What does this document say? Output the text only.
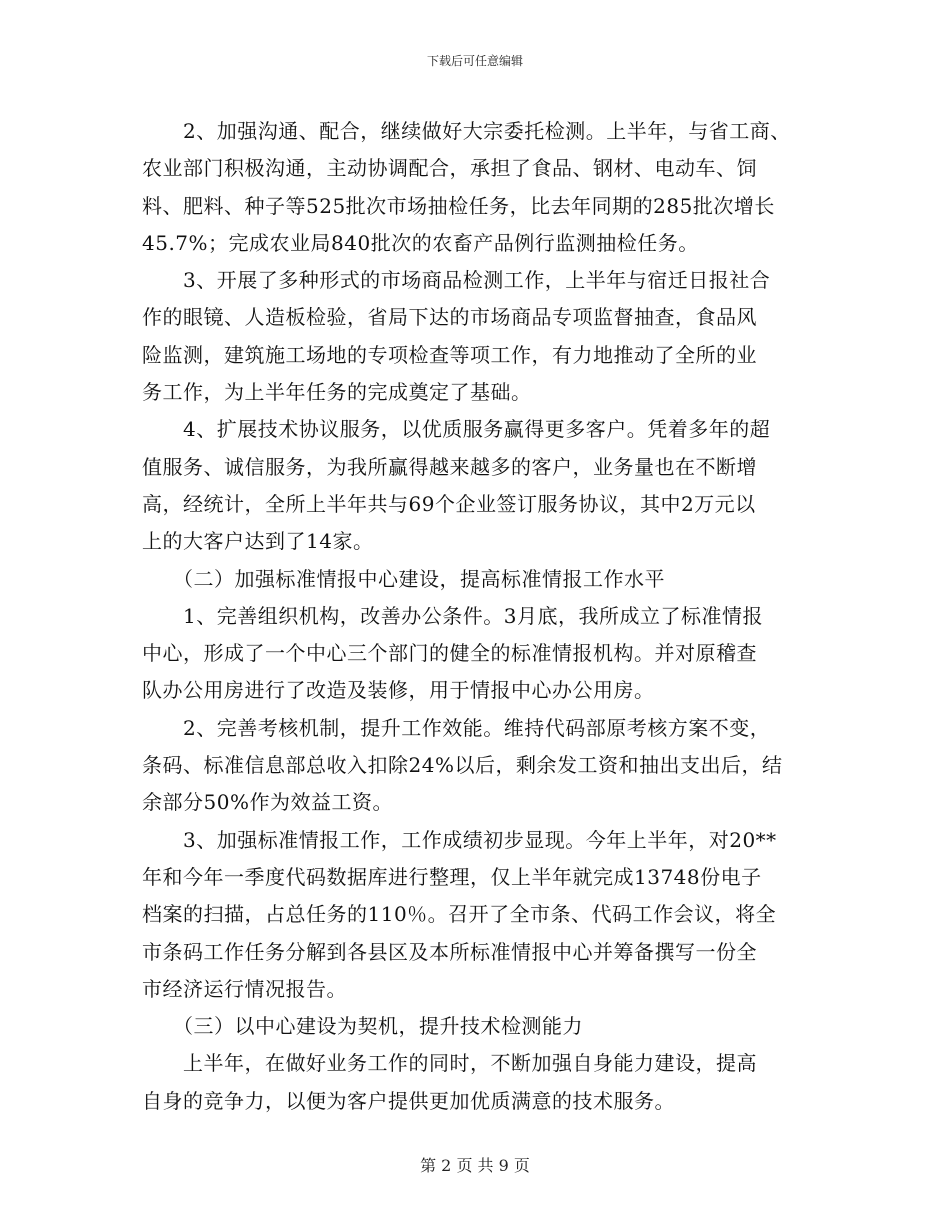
下载后可任意编辑
　　2、加强沟通、配合，继续做好大宗委托检测。上半年，与省工商、
农业部门积极沟通，主动协调配合，承担了食品、钢材、电动车、饲
料、肥料、种子等525批次市场抽检任务，比去年同期的285批次增长
45.7%；完成农业局840批次的农畜产品例行监测抽检任务。
　　3、开展了多种形式的市场商品检测工作，上半年与宿迁日报社合
作的眼镜、人造板检验，省局下达的市场商品专项监督抽查，食品风
险监测，建筑施工场地的专项检查等项工作，有力地推动了全所的业
务工作，为上半年任务的完成奠定了基础。
　　4、扩展技术协议服务，以优质服务赢得更多客户。凭着多年的超
值服务、诚信服务，为我所赢得越来越多的客户，业务量也在不断增
高，经统计，全所上半年共与69个企业签订服务协议，其中2万元以
上的大客户达到了14家。
　　（二）加强标准情报中心建设，提高标准情报工作水平
　　1、完善组织机构，改善办公条件。3月底，我所成立了标准情报
中心，形成了一个中心三个部门的健全的标准情报机构。并对原稽查
队办公用房进行了改造及装修，用于情报中心办公用房。
　　2、完善考核机制，提升工作效能。维持代码部原考核方案不变，
条码、标准信息部总收入扣除24%以后，剩余发工资和抽出支出后，结
余部分50%作为效益工资。
　　3、加强标准情报工作，工作成绩初步显现。今年上半年，对20**
年和今年一季度代码数据库进行整理，仅上半年就完成13748份电子
档案的扫描，占总任务的110％。召开了全市条、代码工作会议，将全
市条码工作任务分解到各县区及本所标准情报中心并筹备撰写一份全
市经济运行情况报告。
　　（三）以中心建设为契机，提升技术检测能力
　　上半年，在做好业务工作的同时，不断加强自身能力建设，提高
自身的竞争力，以便为客户提供更加优质满意的技术服务。
第 2 页 共 9 页
